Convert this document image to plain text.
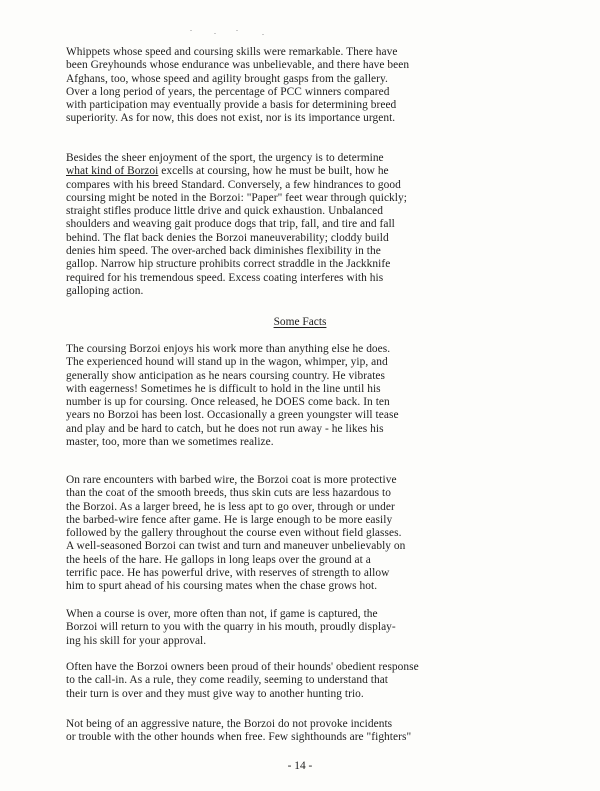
Whippets whose speed and coursing skills were remarkable. There have
been Greyhounds whose endurance was unbelievable, and there have been
Afghans, too, whose speed and agility brought gasps from the gallery.
Over a long period of years, the percentage of PCC winners compared
with participation may eventually provide a basis for determining breed
superiority. As for now, this does not exist, nor is its importance urgent.
Besides the sheer enjoyment of the sport, the urgency is to determine
what kind of Borzoi excells at coursing, how he must be built, how he
compares with his breed Standard. Conversely, a few hindrances to good
coursing might be noted in the Borzoi: "Paper" feet wear through quickly;
straight stifles produce little drive and quick exhaustion. Unbalanced
shoulders and weaving gait produce dogs that trip, fall, and tire and fall
behind. The flat back denies the Borzoi maneuverability; cloddy build
denies him speed. The over-arched back diminishes flexibility in the
gallop. Narrow hip structure prohibits correct straddle in the Jackknife
required for his tremendous speed. Excess coating interferes with his
galloping action.
Some Facts
The coursing Borzoi enjoys his work more than anything else he does.
The experienced hound will stand up in the wagon, whimper, yip, and
generally show anticipation as he nears coursing country. He vibrates
with eagerness! Sometimes he is difficult to hold in the line until his
number is up for coursing. Once released, he DOES come back. In ten
years no Borzoi has been lost. Occasionally a green youngster will tease
and play and be hard to catch, but he does not run away - he likes his
master, too, more than we sometimes realize.
On rare encounters with barbed wire, the Borzoi coat is more protective
than the coat of the smooth breeds, thus skin cuts are less hazardous to
the Borzoi. As a larger breed, he is less apt to go over, through or under
the barbed-wire fence after game. He is large enough to be more easily
followed by the gallery throughout the course even without field glasses.
A well-seasoned Borzoi can twist and turn and maneuver unbelievably on
the heels of the hare. He gallops in long leaps over the ground at a
terrific pace. He has powerful drive, with reserves of strength to allow
him to spurt ahead of his coursing mates when the chase grows hot.
When a course is over, more often than not, if game is captured, the
Borzoi will return to you with the quarry in his mouth, proudly display-
ing his skill for your approval.
Often have the Borzoi owners been proud of their hounds' obedient response
to the call-in. As a rule, they come readily, seeming to understand that
their turn is over and they must give way to another hunting trio.
Not being of an aggressive nature, the Borzoi do not provoke incidents
or trouble with the other hounds when free. Few sighthounds are "fighters"
- 14 -
